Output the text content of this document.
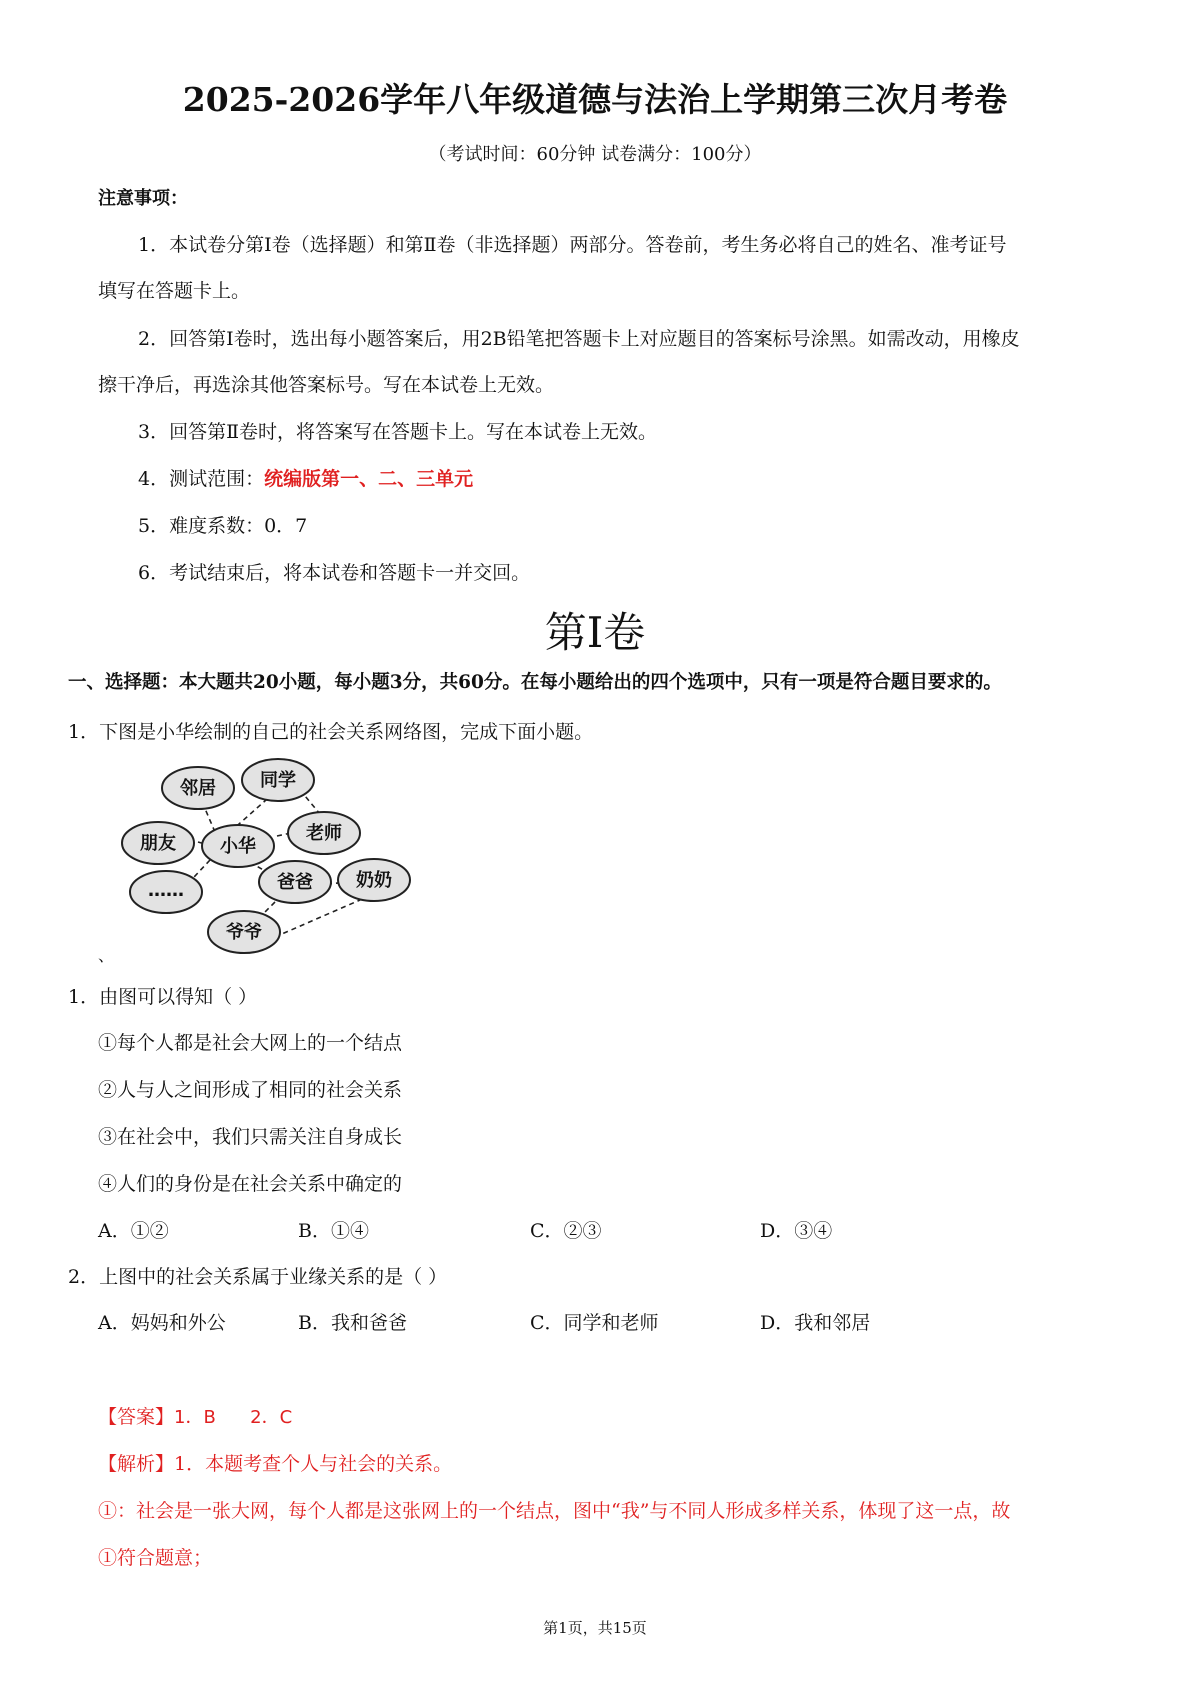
2025-2026学年八年级道德与法治上学期第三次月考卷
（考试时间：60分钟 试卷满分：100分）
注意事项：
1．本试卷分第Ⅰ卷（选择题）和第Ⅱ卷（非选择题）两部分。答卷前，考生务必将自己的姓名、准考证号
填写在答题卡上。
2．回答第Ⅰ卷时，选出每小题答案后，用2B铅笔把答题卡上对应题目的答案标号涂黑。如需改动，用橡皮
擦干净后，再选涂其他答案标号。写在本试卷上无效。
3．回答第Ⅱ卷时，将答案写在答题卡上。写在本试卷上无效。
4．测试范围：统编版第一、二、三单元
5．难度系数：0．7
6．考试结束后，将本试卷和答题卡一并交回。
第Ⅰ卷
一、选择题：本大题共20小题，每小题3分，共60分。在每小题给出的四个选项中，只有一项是符合题目要求的。
1．下图是小华绘制的自己的社会关系网络图，完成下面小题。
邻居 同学
朋友 小华
老师
爸爸 奶奶
……
爷爷
、
1．由图可以得知（ ）
①每个人都是社会大网上的一个结点
②人与人之间形成了相同的社会关系
③在社会中，我们只需关注自身成长
④人们的身份是在社会关系中确定的
A．①②	B．①④	C．②③	D．③④
2．上图中的社会关系属于业缘关系的是（ ）
A．妈妈和外公	B．我和爸爸	C．同学和老师	D．我和邻居
【答案】1．B      2．C
【解析】1．本题考查个人与社会的关系。
①：社会是一张大网，每个人都是这张网上的一个结点，图中“我”与不同人形成多样关系，体现了这一点，故
①符合题意；
第1页，共15页
